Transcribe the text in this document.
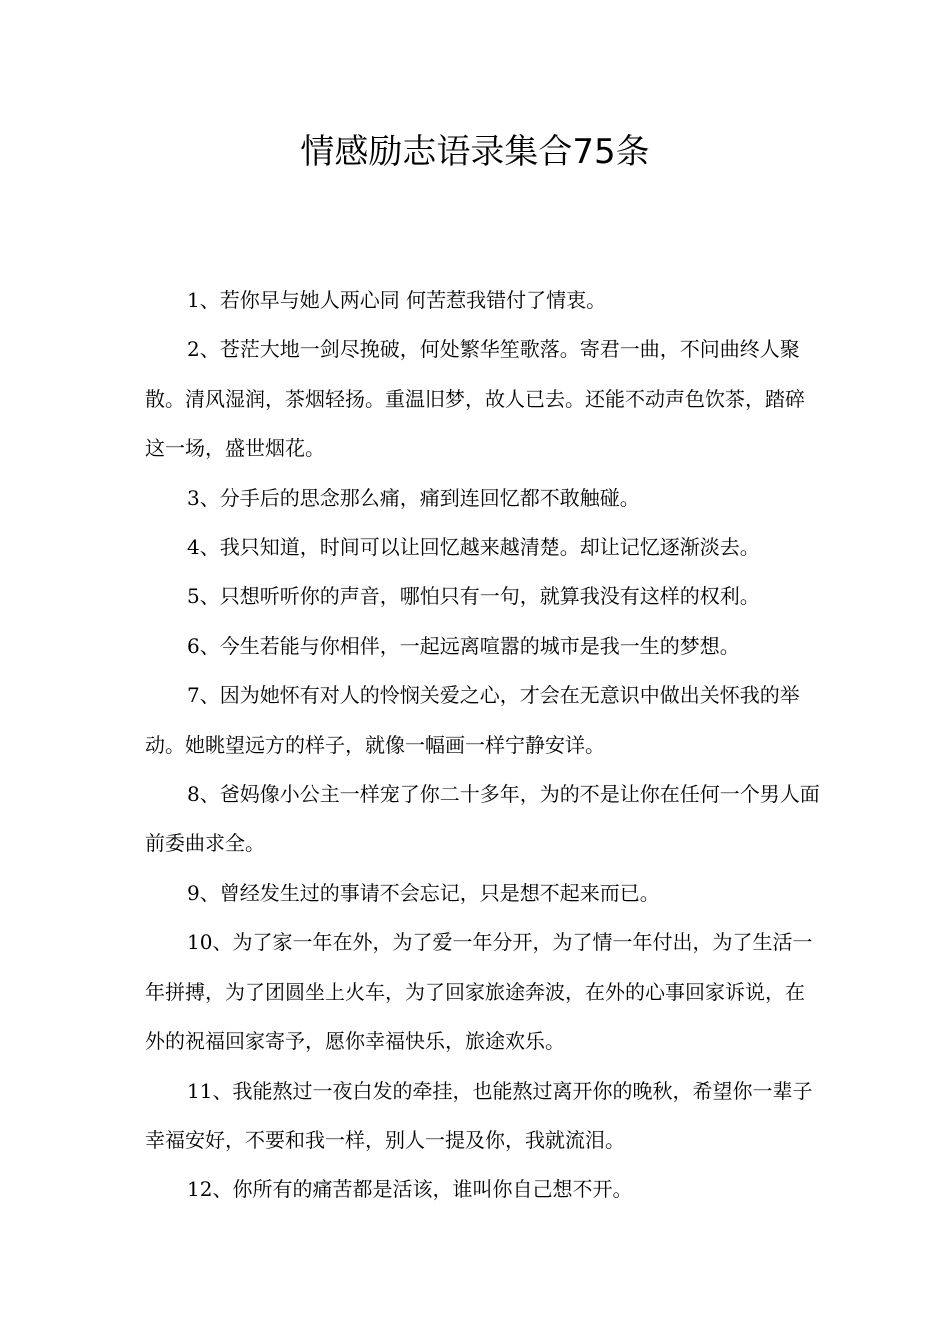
情感励志语录集合75条

1、若你早与她人两心同 何苦惹我错付了情衷。

2、苍茫大地一剑尽挽破，何处繁华笙歌落。寄君一曲，不问曲终人聚散。清风湿润，茶烟轻扬。重温旧梦，故人已去。还能不动声色饮茶，踏碎这一场，盛世烟花。

3、分手后的思念那么痛，痛到连回忆都不敢触碰。

4、我只知道，时间可以让回忆越来越清楚。却让记忆逐渐淡去。

5、只想听听你的声音，哪怕只有一句，就算我没有这样的权利。

6、今生若能与你相伴，一起远离喧嚣的城市是我一生的梦想。

7、因为她怀有对人的怜悯关爱之心，才会在无意识中做出关怀我的举动。她眺望远方的样子，就像一幅画一样宁静安详。

8、爸妈像小公主一样宠了你二十多年，为的不是让你在任何一个男人面前委曲求全。

9、曾经发生过的事请不会忘记，只是想不起来而已。

10、为了家一年在外，为了爱一年分开，为了情一年付出，为了生活一年拼搏，为了团圆坐上火车，为了回家旅途奔波，在外的心事回家诉说，在外的祝福回家寄予，愿你幸福快乐，旅途欢乐。

11、我能熬过一夜白发的牵挂，也能熬过离开你的晚秋，希望你一辈子幸福安好，不要和我一样，别人一提及你，我就流泪。

12、你所有的痛苦都是活该，谁叫你自己想不开。
